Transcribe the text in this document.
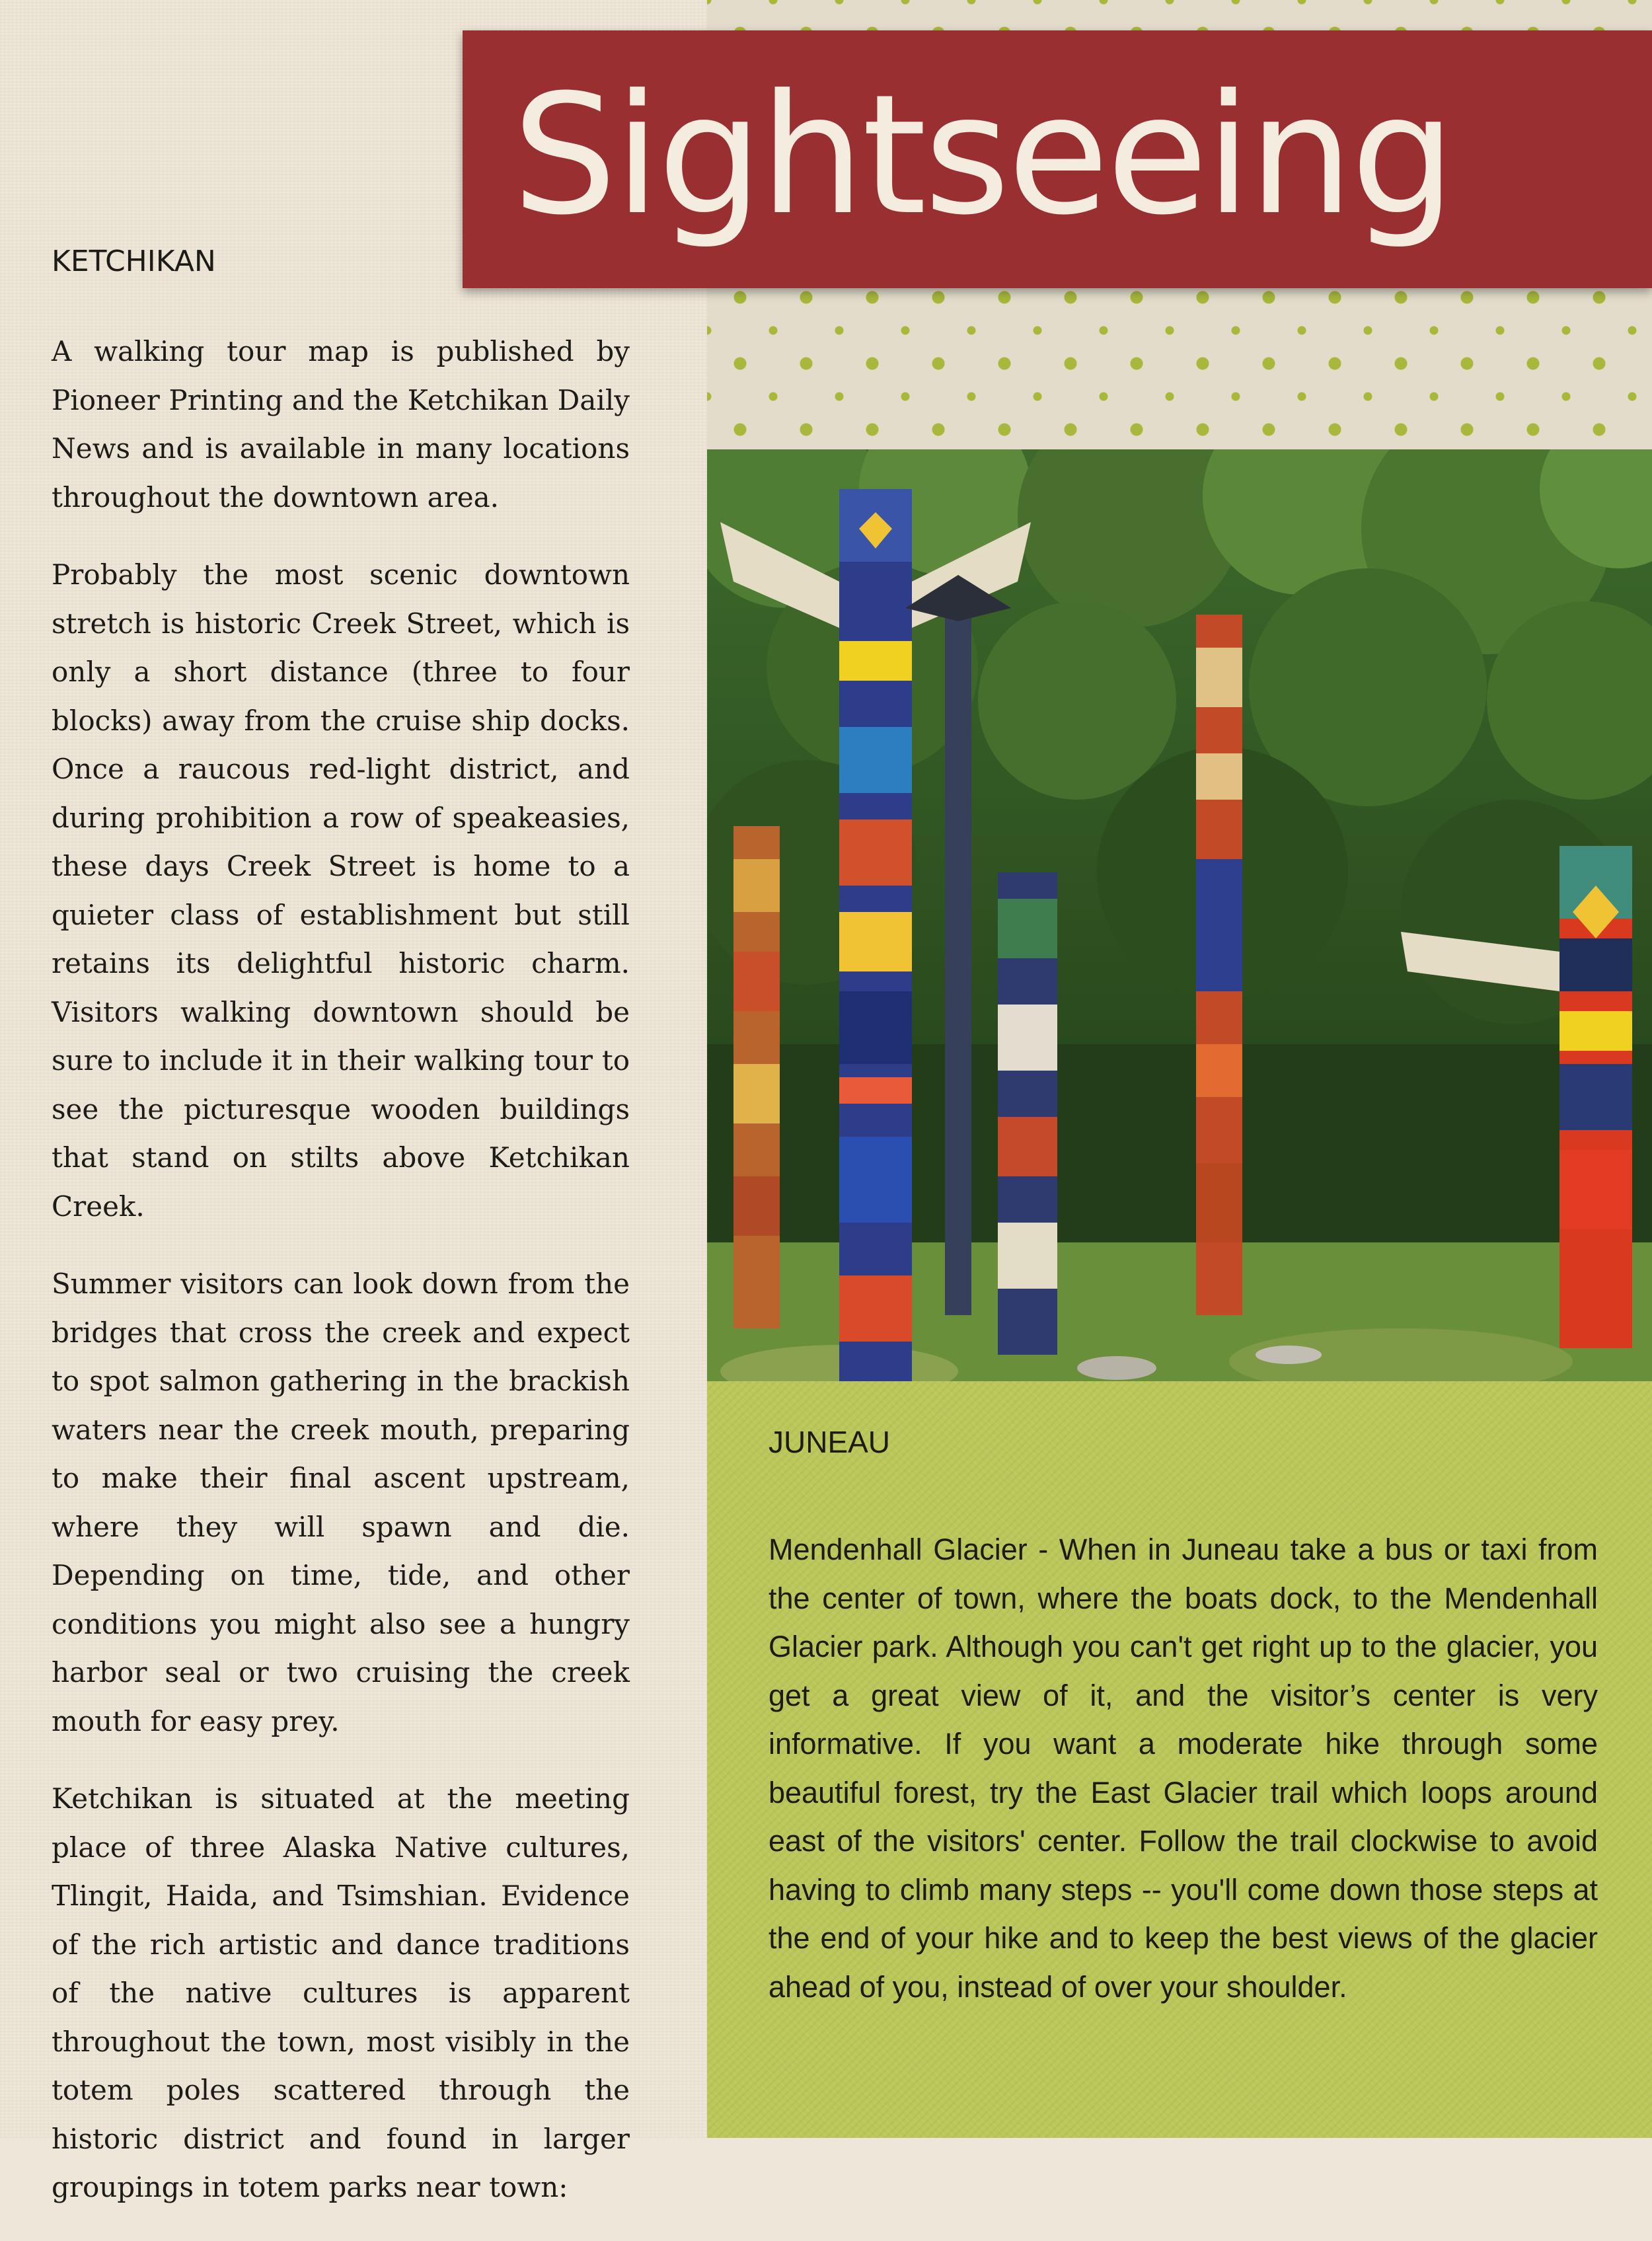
Sightseeing
KETCHIKAN

A walking tour map is published by Pioneer Printing and the Ketchikan Daily News and is available in many locations throughout the downtown area.

Probably the most scenic downtown stretch is historic Creek Street, which is only a short distance (three to four blocks) away from the cruise ship docks. Once a raucous red-light district, and during prohibition a row of speakeasies, these days Creek Street is home to a quieter class of establishment but still retains its delightful historic charm. Visitors walking downtown should be sure to include it in their walking tour to see the picturesque wooden buildings that stand on stilts above Ketchikan Creek.

Summer visitors can look down from the bridges that cross the creek and expect to spot salmon gathering in the brackish waters near the creek mouth, preparing to make their final ascent upstream, where they will spawn and die. Depending on time, tide, and other conditions you might also see a hungry harbor seal or two cruising the creek mouth for easy prey.

Ketchikan is situated at the meeting place of three Alaska Native cultures, Tlingit, Haida, and Tsimshian. Evidence of the rich artistic and dance traditions of the native cultures is apparent throughout the town, most visibly in the totem poles scattered through the historic district and found in larger groupings in totem parks near town:

JUNEAU

Mendenhall Glacier - When in Juneau take a bus or taxi from the center of town, where the boats dock, to the Mendenhall Glacier park. Although you can't get right up to the glacier, you get a great view of it, and the visitor’s center is very informative. If you want a moderate hike through some beautiful forest, try the East Glacier trail which loops around east of the visitors' center. Follow the trail clockwise to avoid having to climb many steps -- you'll come down those steps at the end of your hike and to keep the best views of the glacier ahead of you, instead of over your shoulder.
